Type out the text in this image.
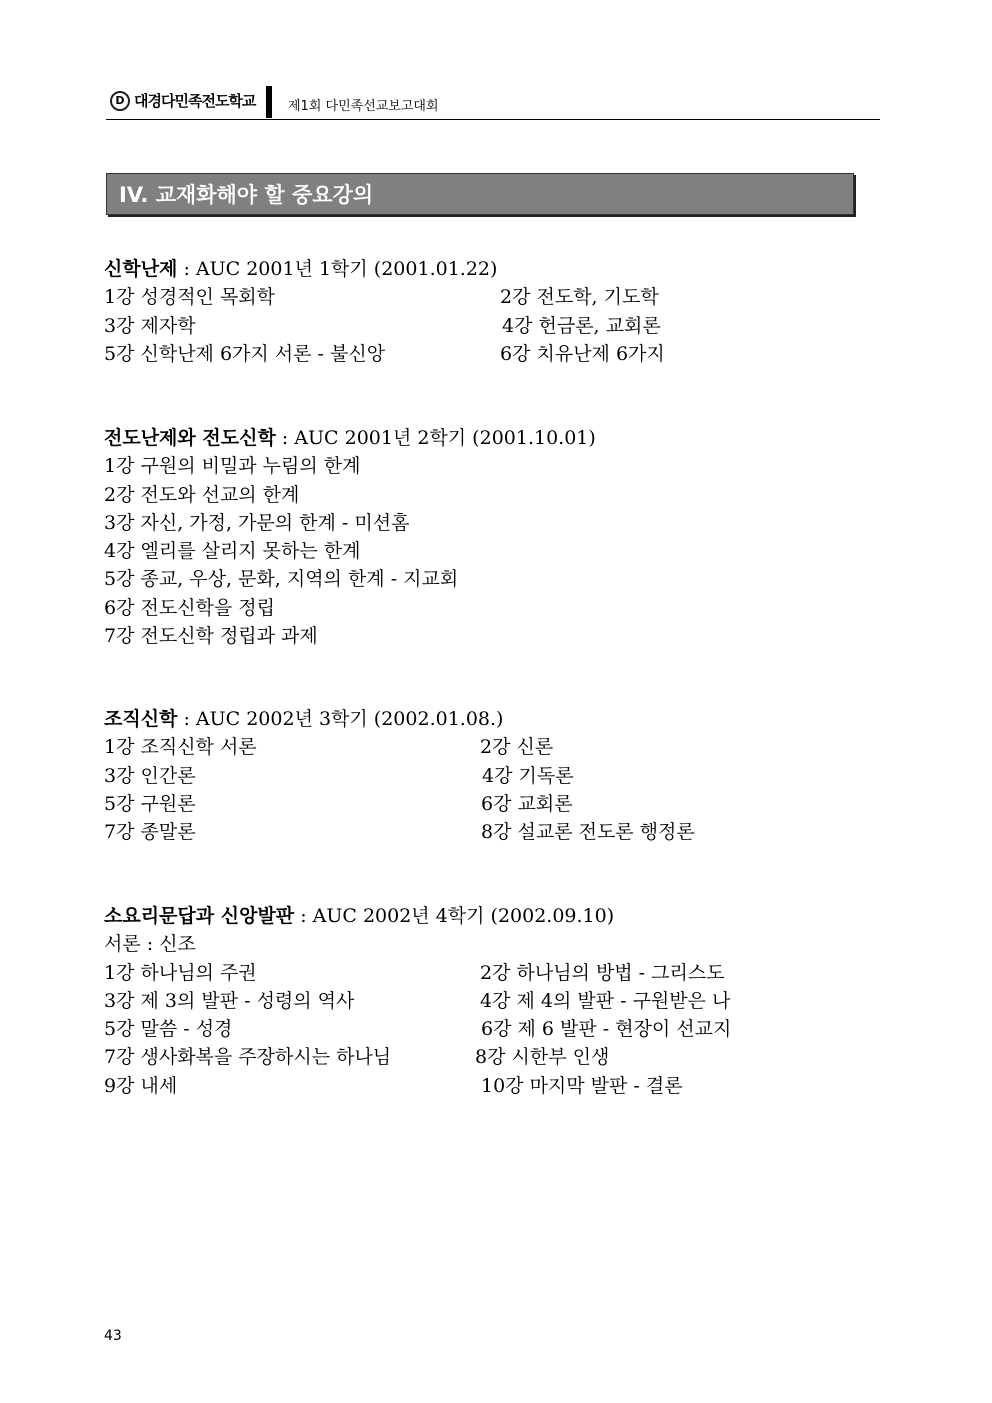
D 대경다민족전도학교	제1회 다민족선교보고대회
IV. 교재화해야 할 중요강의
신학난제 : AUC 2001년 1학기 (2001.01.22)
1강 성경적인 목회학	2강 전도학, 기도학
3강 제자학	4강 헌금론, 교회론
5강 신학난제 6가지 서론 - 불신앙	6강 치유난제 6가지
전도난제와 전도신학 : AUC 2001년 2학기 (2001.10.01)
1강 구원의 비밀과 누림의 한계
2강 전도와 선교의 한계
3강 자신, 가정, 가문의 한계 - 미션홈
4강 엘리를 살리지 못하는 한계
5강 종교, 우상, 문화, 지역의 한계 - 지교회
6강 전도신학을 정립
7강 전도신학 정립과 과제
조직신학 : AUC 2002년 3학기 (2002.01.08.)
1강 조직신학 서론	2강 신론
3강 인간론	4강 기독론
5강 구원론	6강 교회론
7강 종말론	8강 설교론 전도론 행정론
소요리문답과 신앙발판 : AUC 2002년 4학기 (2002.09.10)
서론 : 신조
1강 하나님의 주권	2강 하나님의 방법 - 그리스도
3강 제 3의 발판 - 성령의 역사	4강 제 4의 발판 - 구원받은 나
5강 말씀 - 성경	6강 제 6 발판 - 현장이 선교지
7강 생사화복을 주장하시는 하나님	8강 시한부 인생
9강 내세	10강 마지막 발판 - 결론
43
